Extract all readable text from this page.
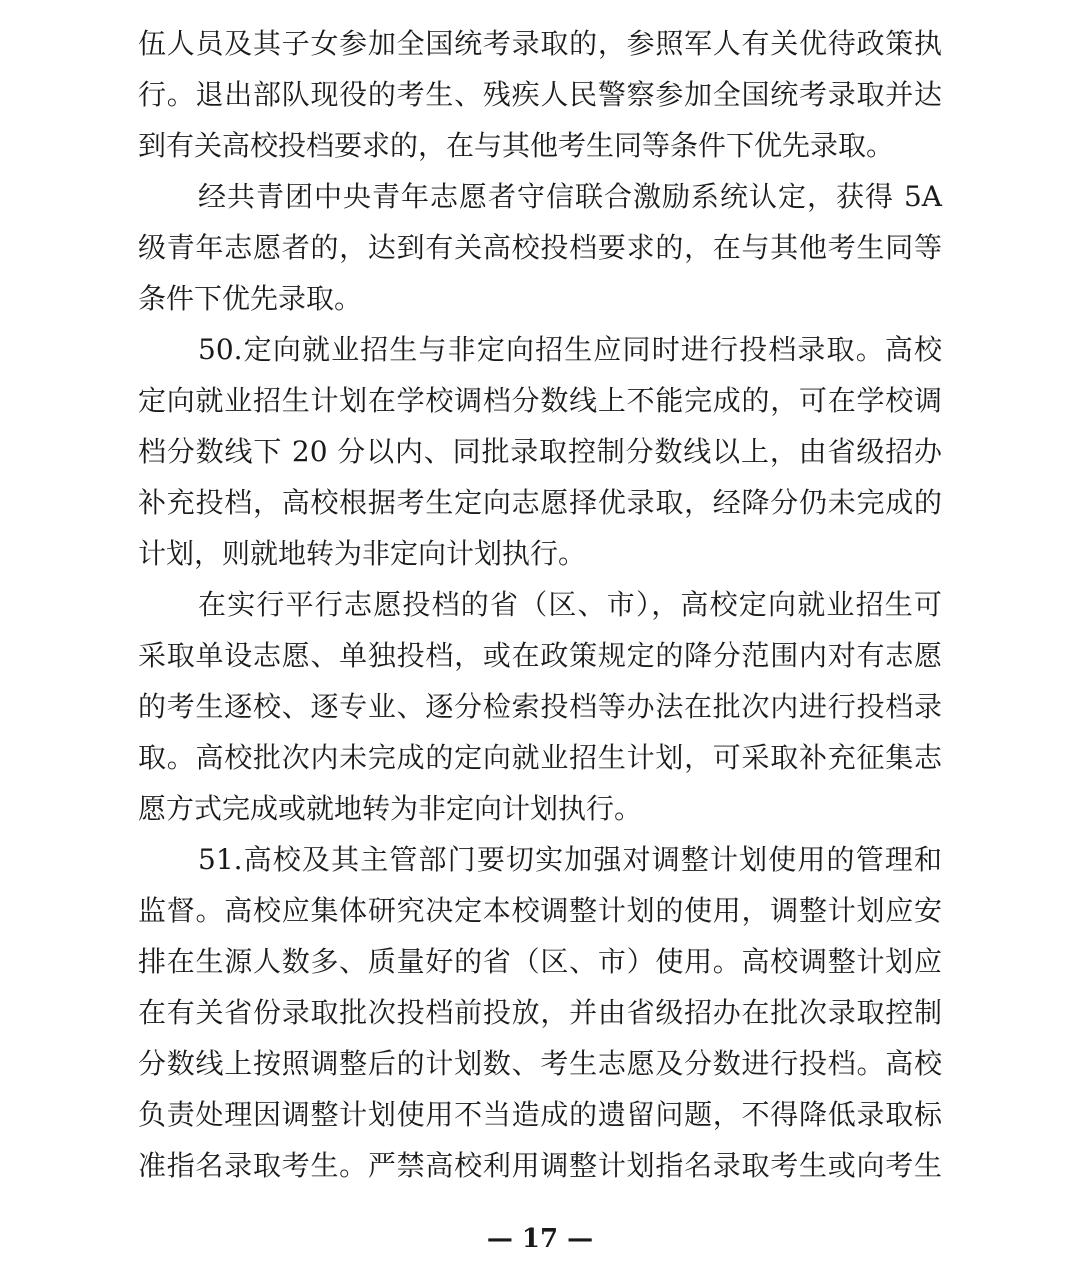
伍人员及其子女参加全国统考录取的，参照军人有关优待政策执

行。退出部队现役的考生、残疾人民警察参加全国统考录取并达

到有关高校投档要求的，在与其他考生同等条件下优先录取。

经共青团中央青年志愿者守信联合激励系统认定，获得 5A

级青年志愿者的，达到有关高校投档要求的，在与其他考生同等

条件下优先录取。

50.定向就业招生与非定向招生应同时进行投档录取。高校

定向就业招生计划在学校调档分数线上不能完成的，可在学校调

档分数线下 20 分以内、同批录取控制分数线以上，由省级招办

补充投档，高校根据考生定向志愿择优录取，经降分仍未完成的

计划，则就地转为非定向计划执行。

在实行平行志愿投档的省（区、市），高校定向就业招生可

采取单设志愿、单独投档，或在政策规定的降分范围内对有志愿

的考生逐校、逐专业、逐分检索投档等办法在批次内进行投档录

取。高校批次内未完成的定向就业招生计划，可采取补充征集志

愿方式完成或就地转为非定向计划执行。

51.高校及其主管部门要切实加强对调整计划使用的管理和

监督。高校应集体研究决定本校调整计划的使用，调整计划应安

排在生源人数多、质量好的省（区、市）使用。高校调整计划应

在有关省份录取批次投档前投放，并由省级招办在批次录取控制

分数线上按照调整后的计划数、考生志愿及分数进行投档。高校

负责处理因调整计划使用不当造成的遗留问题，不得降低录取标

准指名录取考生。严禁高校利用调整计划指名录取考生或向考生

— 17 —
